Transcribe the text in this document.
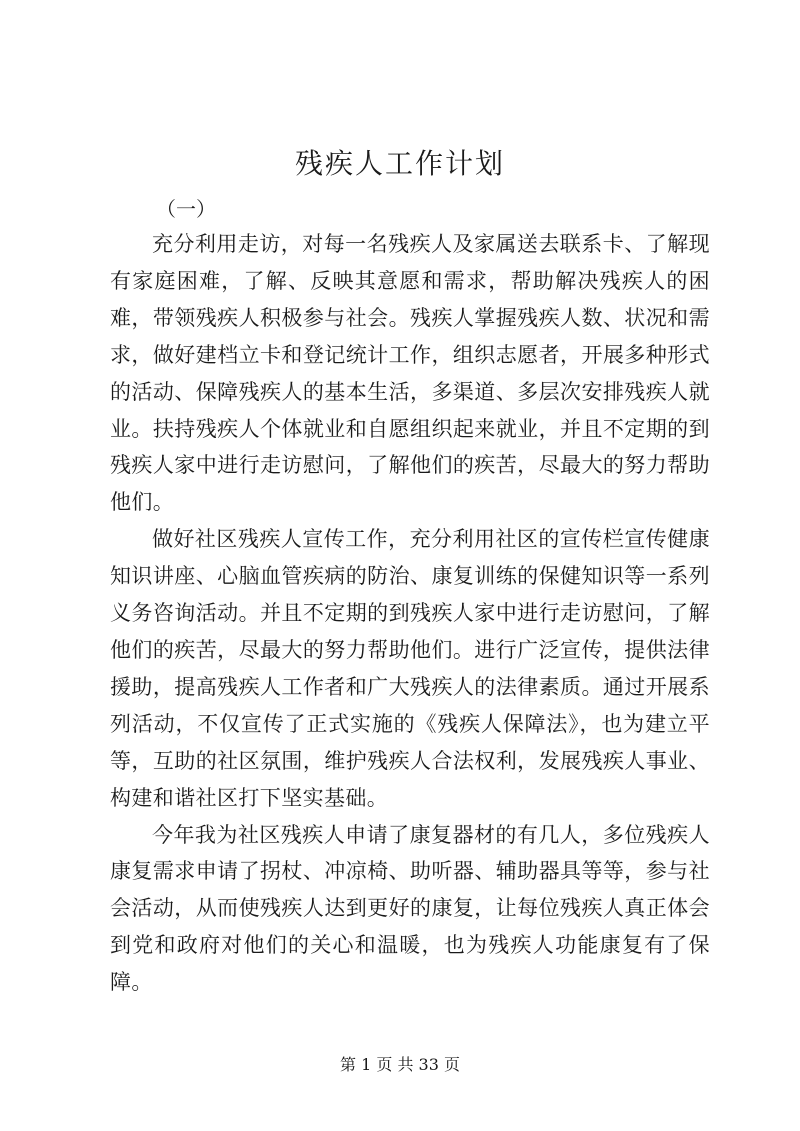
残疾人工作计划

（一）

充分利用走访，对每一名残疾人及家属送去联系卡、了解现有家庭困难，了解、反映其意愿和需求，帮助解决残疾人的困难，带领残疾人积极参与社会。残疾人掌握残疾人数、状况和需求，做好建档立卡和登记统计工作，组织志愿者，开展多种形式的活动、保障残疾人的基本生活，多渠道、多层次安排残疾人就业。扶持残疾人个体就业和自愿组织起来就业，并且不定期的到残疾人家中进行走访慰问，了解他们的疾苦，尽最大的努力帮助他们。

做好社区残疾人宣传工作，充分利用社区的宣传栏宣传健康知识讲座、心脑血管疾病的防治、康复训练的保健知识等一系列义务咨询活动。并且不定期的到残疾人家中进行走访慰问，了解他们的疾苦，尽最大的努力帮助他们。进行广泛宣传，提供法律援助，提高残疾人工作者和广大残疾人的法律素质。通过开展系列活动，不仅宣传了正式实施的《残疾人保障法》，也为建立平等，互助的社区氛围，维护残疾人合法权利，发展残疾人事业、构建和谐社区打下坚实基础。

今年我为社区残疾人申请了康复器材的有几人，多位残疾人康复需求申请了拐杖、冲凉椅、助听器、辅助器具等等，参与社会活动，从而使残疾人达到更好的康复，让每位残疾人真正体会到党和政府对他们的关心和温暖，也为残疾人功能康复有了保障。

第 1 页 共 33 页
